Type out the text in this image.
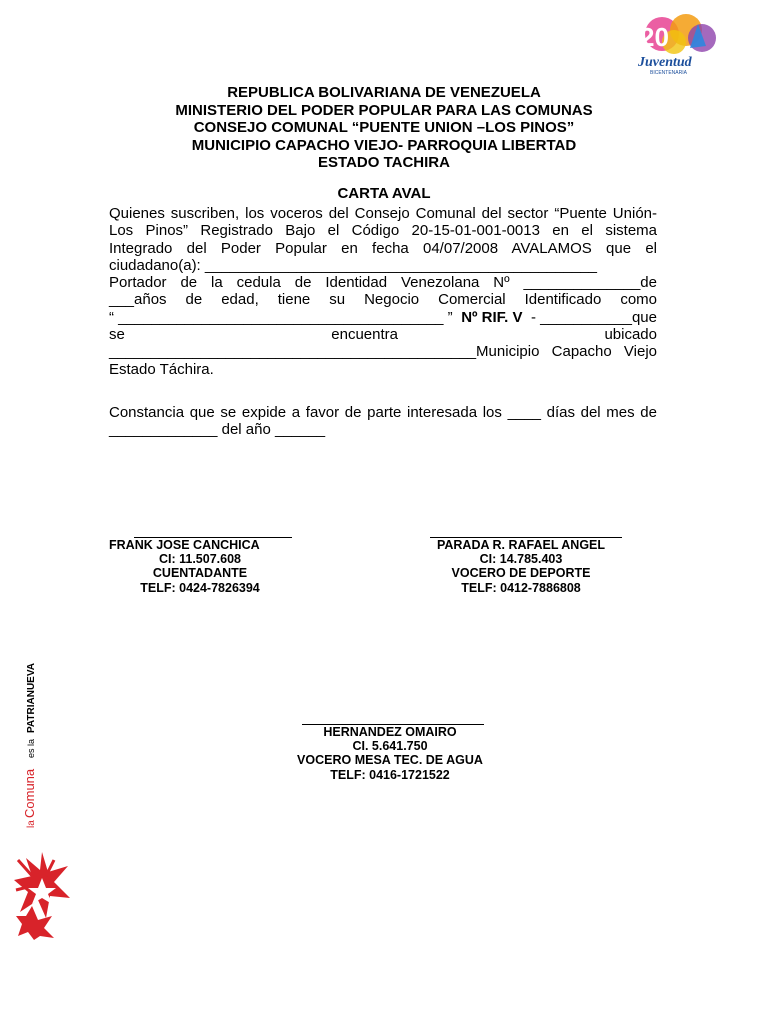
20
Juventud
BICENTENARIA
REPUBLICA BOLIVARIANA DE VENEZUELA
MINISTERIO DEL PODER POPULAR PARA LAS COMUNAS
CONSEJO COMUNAL “PUENTE UNION –LOS PINOS”
MUNICIPIO CAPACHO VIEJO- PARROQUIA LIBERTAD
ESTADO TACHIRA
CARTA AVAL
Quienes suscriben, los voceros del Consejo Comunal del sector “Puente Unión-
Los Pinos” Registrado Bajo el Código 20-15-01-001-0013 en el sistema
Integrado del Poder Popular en fecha 04/07/2008 AVALAMOS que el
ciudadano(a): _______________________________________________
Portador de la cedula de Identidad Venezolana Nº ______________de
___años de edad, tiene su Negocio Comercial Identificado como
“ _______________________________________ ” Nº RIF. V - ___________que
se	encuentra	ubicado
____________________________________________Municipio Capacho Viejo
Estado Táchira.
Constancia que se expide a favor de parte interesada los ____ días del mes de
_____________ del año ______
FRANK JOSE CANCHICA
CI: 11.507.608
CUENTADANTE
TELF: 0424-7826394
PARADA R. RAFAEL ANGEL
CI: 14.785.403
VOCERO DE DEPORTE
TELF: 0412-7886808
HERNANDEZ OMAIRO
CI. 5.641.750
VOCERO MESA TEC. DE AGUA
TELF: 0416-1721522
la
Comuna
es la
PATRIANUEVA
